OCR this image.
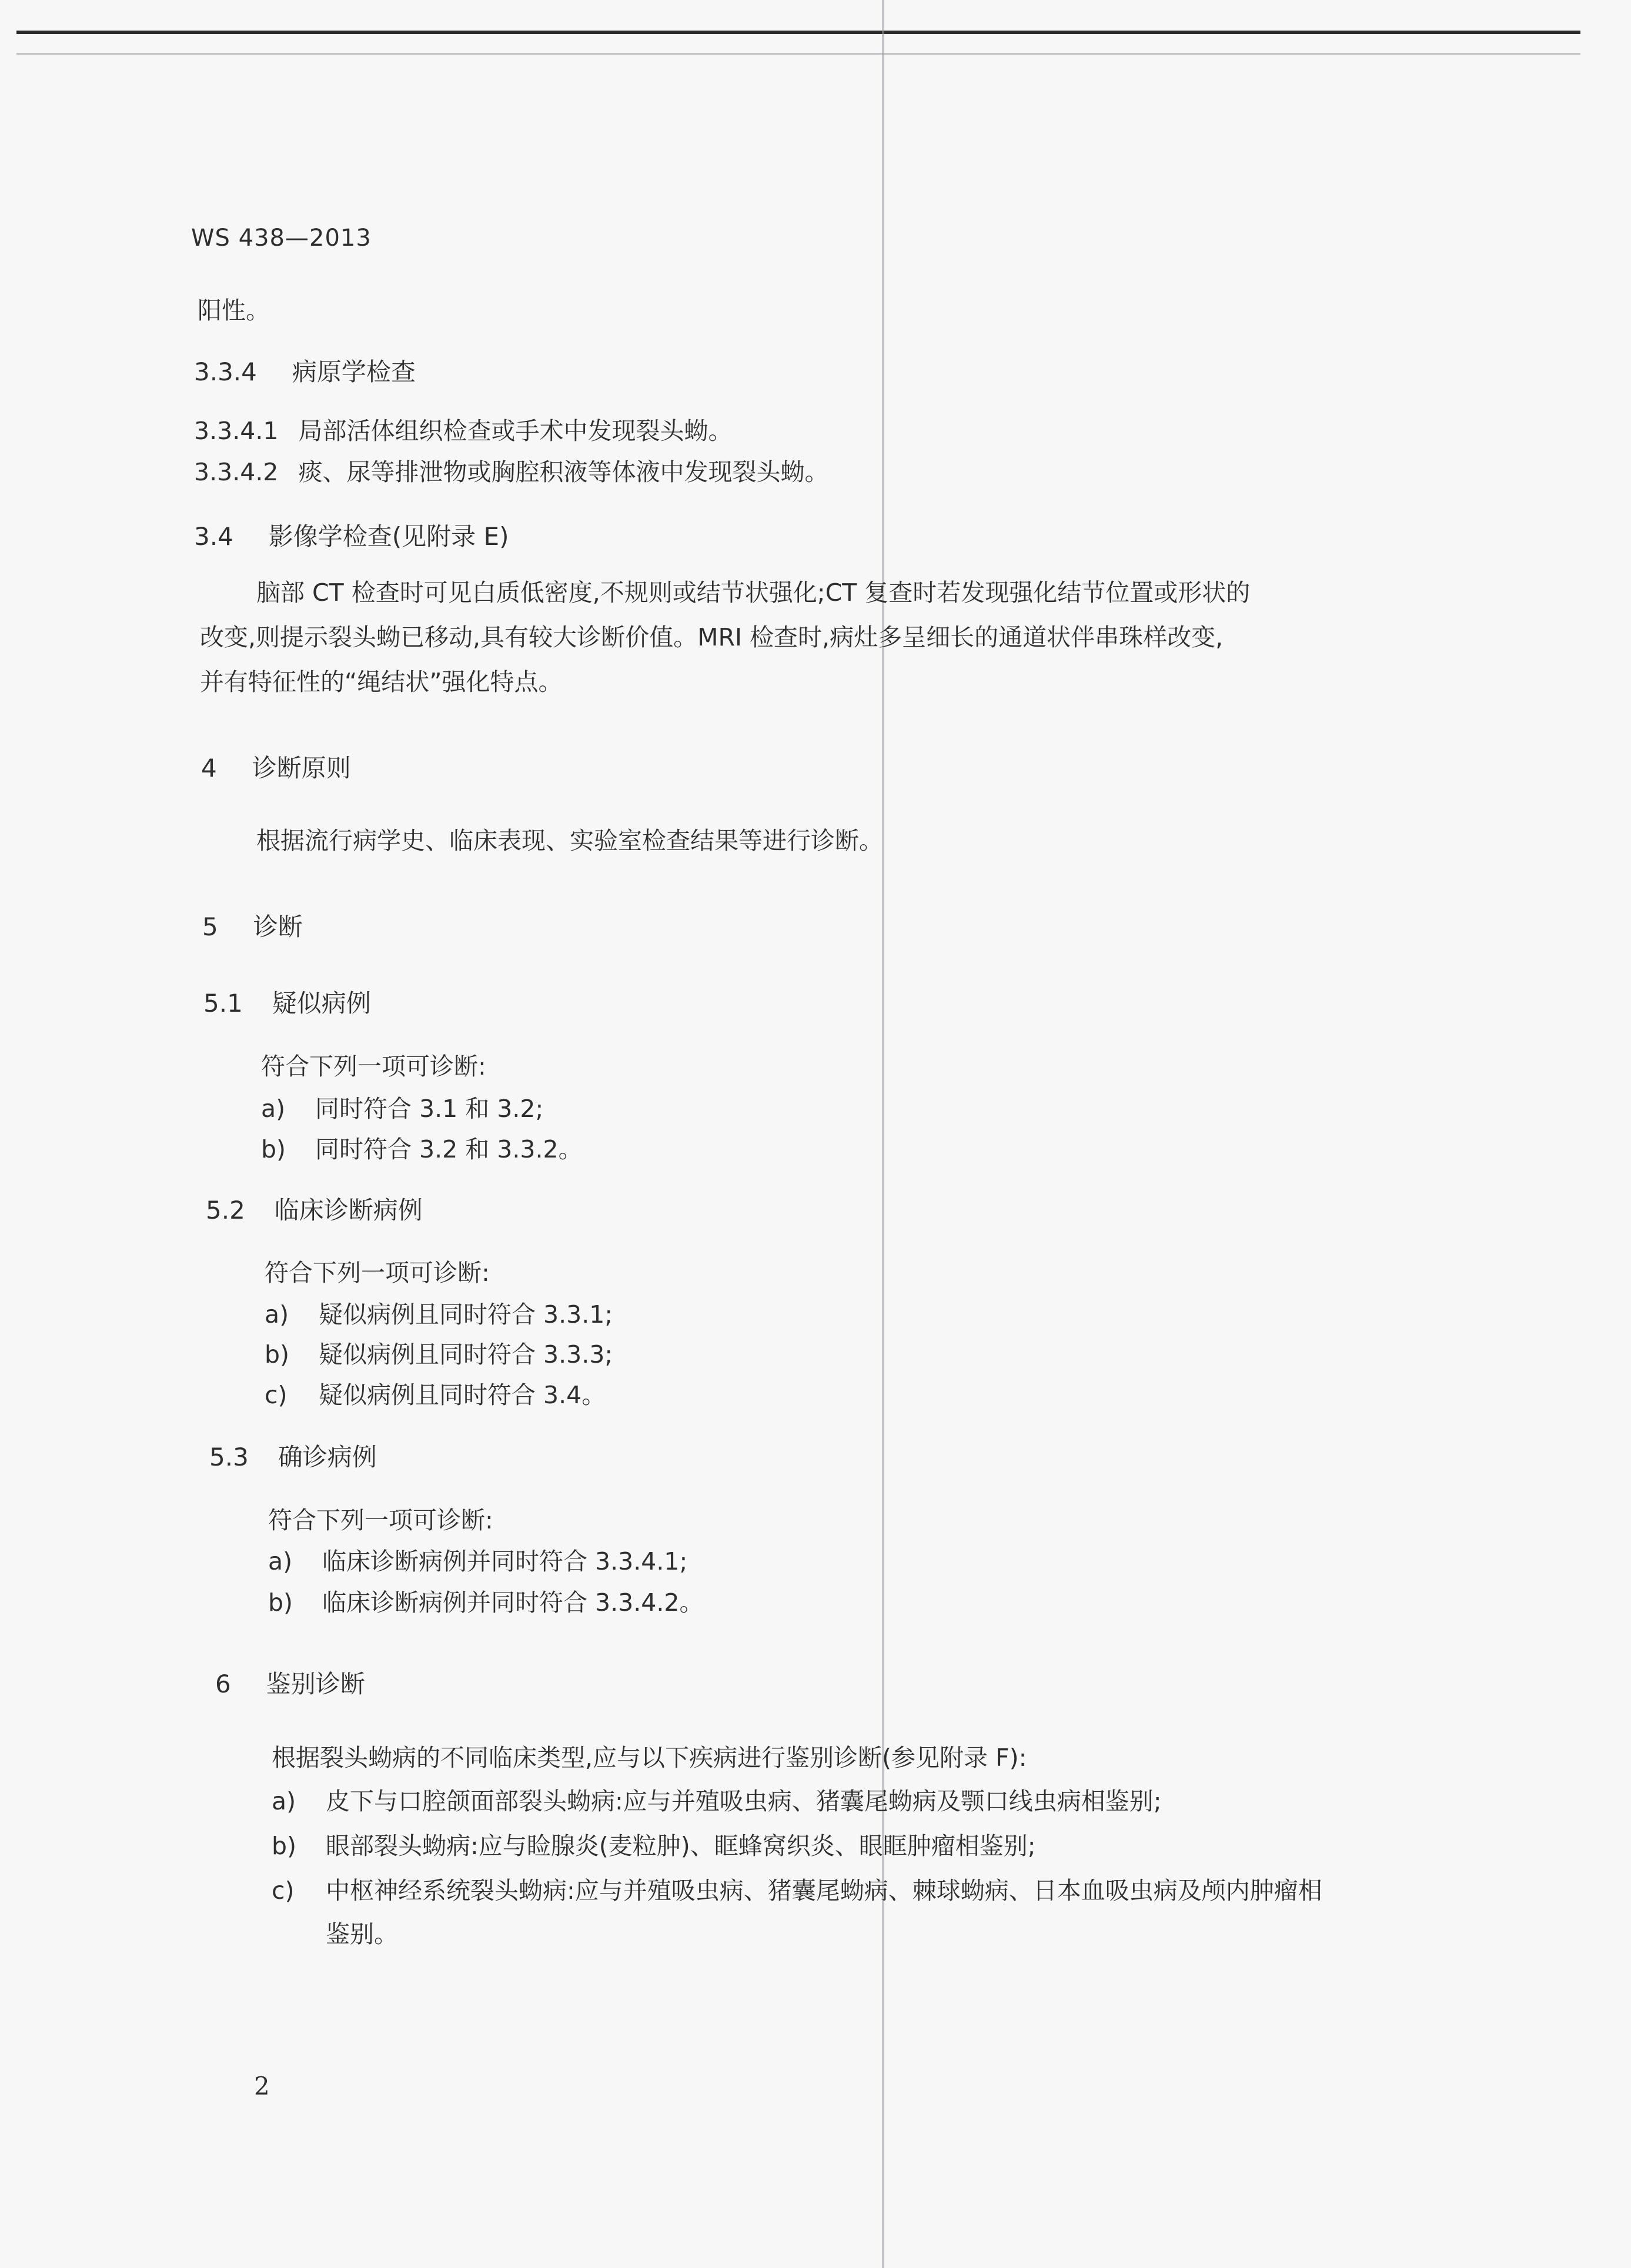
WS 438—2013
阳性。
3.3.4 病原学检查
3.3.4.1 局部活体组织检查或手术中发现裂头蚴。
3.3.4.2 痰、尿等排泄物或胸腔积液等体液中发现裂头蚴。
3.4 影像学检查(见附录 E)
脑部 CT 检查时可见白质低密度,不规则或结节状强化;CT 复查时若发现强化结节位置或形状的
改变,则提示裂头蚴已移动,具有较大诊断价值。MRI 检查时,病灶多呈细长的通道状伴串珠样改变,
并有特征性的“绳结状”强化特点。
4 诊断原则
根据流行病学史、临床表现、实验室检查结果等进行诊断。
5 诊断
5.1 疑似病例
符合下列一项可诊断:
a) 同时符合 3.1 和 3.2;
b) 同时符合 3.2 和 3.3.2。
5.2 临床诊断病例
符合下列一项可诊断:
a) 疑似病例且同时符合 3.3.1;
b) 疑似病例且同时符合 3.3.3;
c) 疑似病例且同时符合 3.4。
5.3 确诊病例
符合下列一项可诊断:
a) 临床诊断病例并同时符合 3.3.4.1;
b) 临床诊断病例并同时符合 3.3.4.2。
6 鉴别诊断
根据裂头蚴病的不同临床类型,应与以下疾病进行鉴别诊断(参见附录 F):
a) 皮下与口腔颌面部裂头蚴病:应与并殖吸虫病、猪囊尾蚴病及颚口线虫病相鉴别;
b) 眼部裂头蚴病:应与睑腺炎(麦粒肿)、眶蜂窝织炎、眼眶肿瘤相鉴别;
c) 中枢神经系统裂头蚴病:应与并殖吸虫病、猪囊尾蚴病、棘球蚴病、日本血吸虫病及颅内肿瘤相
鉴别。
2
